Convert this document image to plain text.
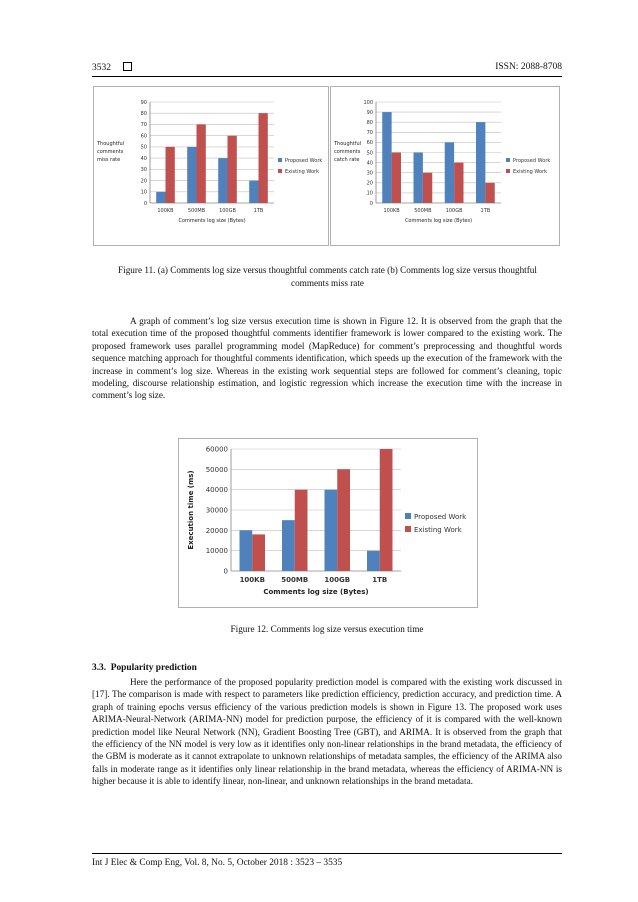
3532	ISSN: 2088-8708
0
10
20
30
40
50
60
70
80
90
100KB	500MB	100GB	1TB
Comments log size (Bytes)
Thoughtful
comments
miss rate	Proposed Work
Existing Work
0
10
20
30
40
50
60
70
80
90
100
100KB	500MB	100GB	1TB
Comments log size (Bytes)
Thoughtful
comments
catch rate	Proposed Work
Existing Work
Figure 11. (a) Comments log size versus thoughtful comments catch rate (b) Comments log size versus thoughtful comments miss rate

A graph of comment’s log size versus execution time is shown in Figure 12. It is observed from the graph that the total execution time of the proposed thoughtful comments identifier framework is lower compared to the existing work. The proposed framework uses parallel programming model (MapReduce) for comment’s preprocessing and thoughtful words sequence matching approach for thoughtful comments identification, which speeds up the execution of the framework with the increase in comment’s log size. Whereas in the existing work sequential steps are followed for comment’s cleaning, topic modeling, discourse relationship estimation, and logistic regression which increase the execution time with the increase in comment’s log size.

0
10000
20000
30000
40000
50000
60000
100KB 500MB 100GB	1TB
Comments log size (Bytes)
Execution time (ms)	Proposed Work
Existing Work
Figure 12. Comments log size versus execution time
3.3. Popularity prediction

Here the performance of the proposed popularity prediction model is compared with the existing work discussed in [17]. The comparison is made with respect to parameters like prediction efficiency, prediction accuracy, and prediction time. A graph of training epochs versus efficiency of the various prediction models is shown in Figure 13. The proposed work uses ARIMA-Neural-Network (ARIMA-NN) model for prediction purpose, the efficiency of it is compared with the well-known prediction model like Neural Network (NN), Gradient Boosting Tree (GBT), and ARIMA. It is observed from the graph that the efficiency of the NN model is very low as it identifies only non-linear relationships in the brand metadata, the efficiency of the GBM is moderate as it cannot extrapolate to unknown relationships of metadata samples, the efficiency of the ARIMA also falls in moderate range as it identifies only linear relationship in the brand metadata, whereas the efficiency of ARIMA-NN is higher because it is able to identify linear, non-linear, and unknown relationships in the brand metadata.

Int J Elec & Comp Eng, Vol. 8, No. 5, October 2018 : 3523 – 3535
